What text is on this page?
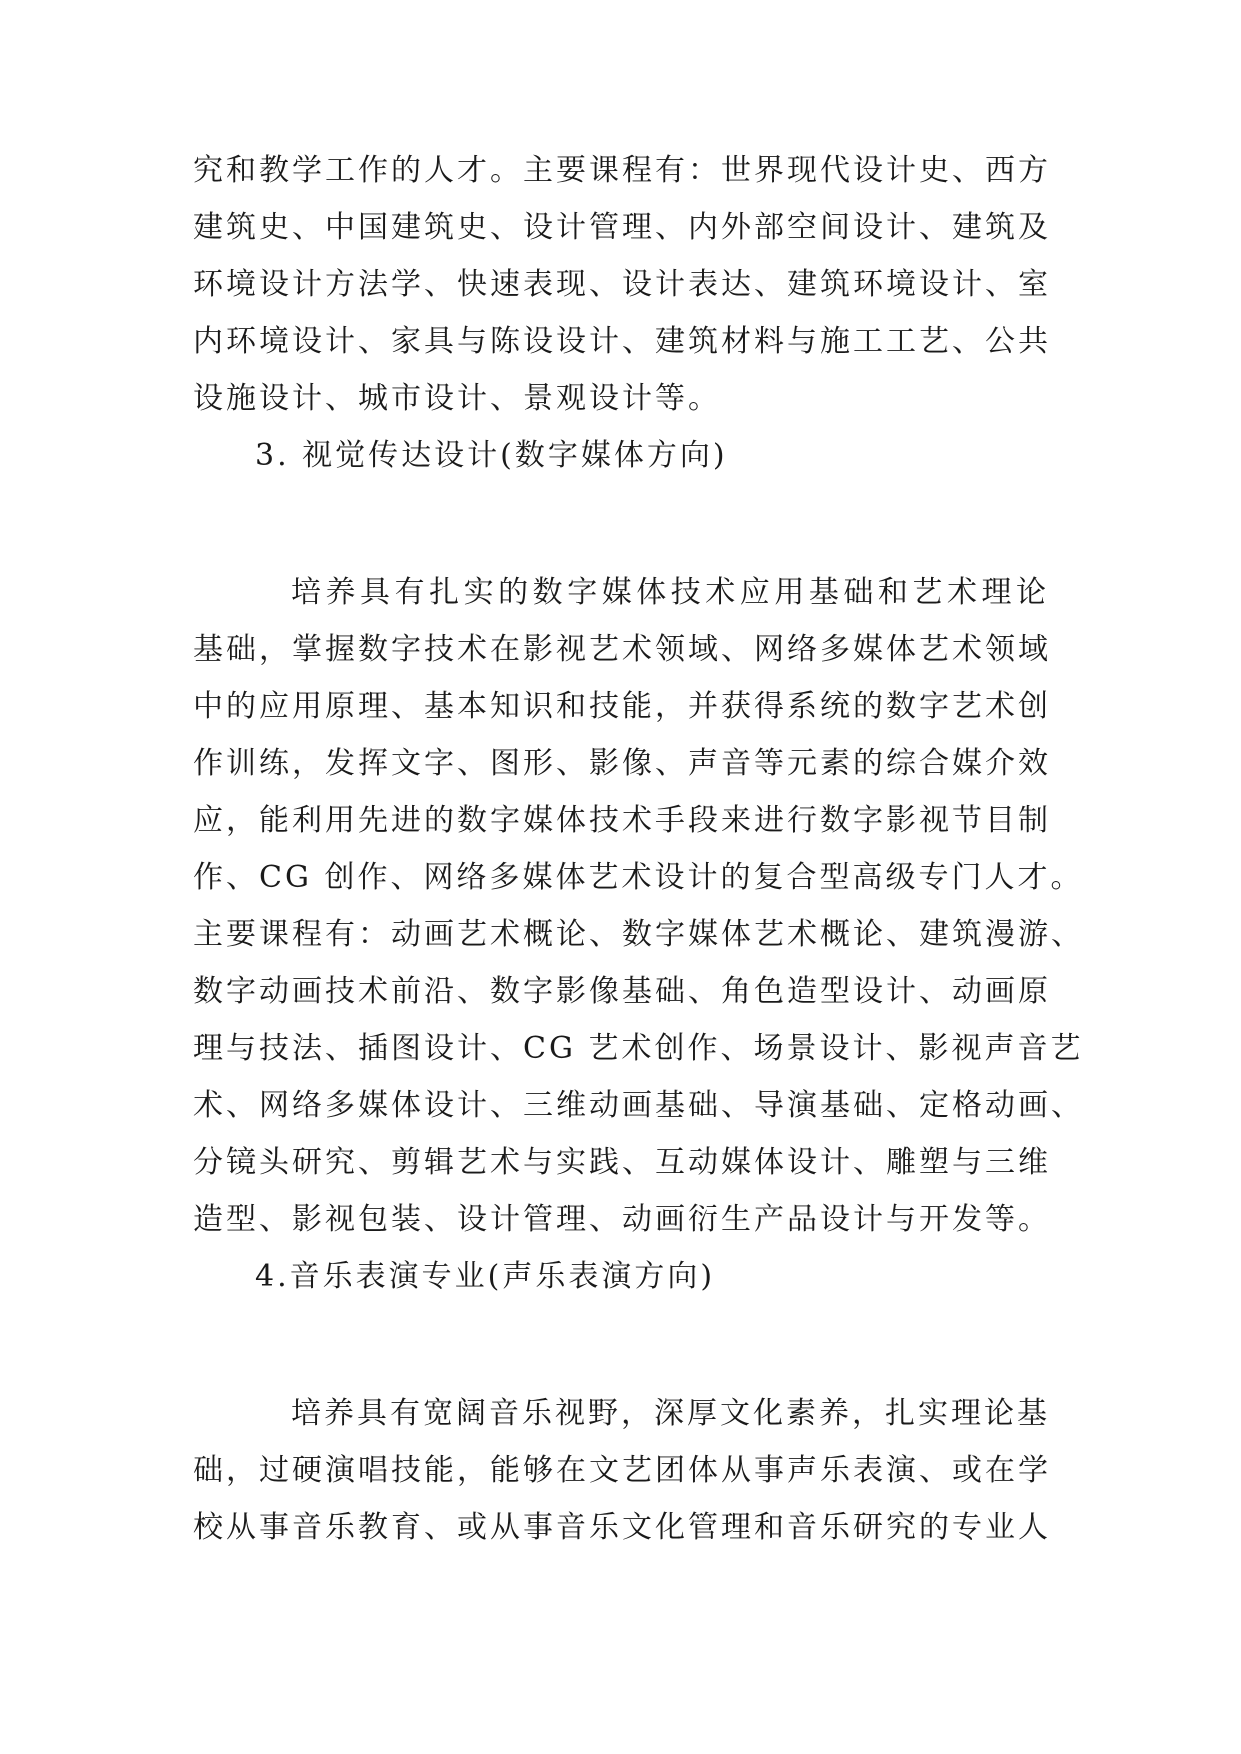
究和教学工作的人才。主要课程有：世界现代设计史、西方
建筑史、中国建筑史、设计管理、内外部空间设计、建筑及
环境设计方法学、快速表现、设计表达、建筑环境设计、室
内环境设计、家具与陈设设计、建筑材料与施工工艺、公共
设施设计、城市设计、景观设计等。
3. 视觉传达设计(数字媒体方向)
培养具有扎实的数字媒体技术应用基础和艺术理论
基础，掌握数字技术在影视艺术领域、网络多媒体艺术领域
中的应用原理、基本知识和技能，并获得系统的数字艺术创
作训练，发挥文字、图形、影像、声音等元素的综合媒介效
应，能利用先进的数字媒体技术手段来进行数字影视节目制
作、CG 创作、网络多媒体艺术设计的复合型高级专门人才。
主要课程有：动画艺术概论、数字媒体艺术概论、建筑漫游、
数字动画技术前沿、数字影像基础、角色造型设计、动画原
理与技法、插图设计、CG 艺术创作、场景设计、影视声音艺
术、网络多媒体设计、三维动画基础、导演基础、定格动画、
分镜头研究、剪辑艺术与实践、互动媒体设计、雕塑与三维
造型、影视包装、设计管理、动画衍生产品设计与开发等。
4.音乐表演专业(声乐表演方向)
培养具有宽阔音乐视野，深厚文化素养，扎实理论基
础，过硬演唱技能，能够在文艺团体从事声乐表演、或在学
校从事音乐教育、或从事音乐文化管理和音乐研究的专业人
